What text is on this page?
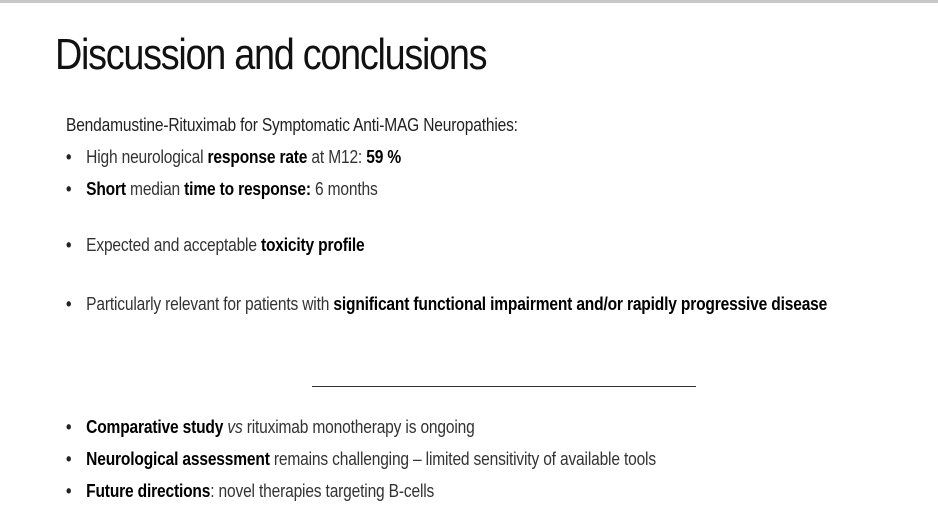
Discussion and conclusions
Bendamustine-Rituximab for Symptomatic Anti-MAG Neuropathies:
• High neurological response rate at M12: 59 %
• Short median time to response: 6 months
• Expected and acceptable toxicity profile
• Particularly relevant for patients with significant functional impairment and/or rapidly progressive disease
• Comparative study vs rituximab monotherapy is ongoing
• Neurological assessment remains challenging – limited sensitivity of available tools
• Future directions: novel therapies targeting B-cells
